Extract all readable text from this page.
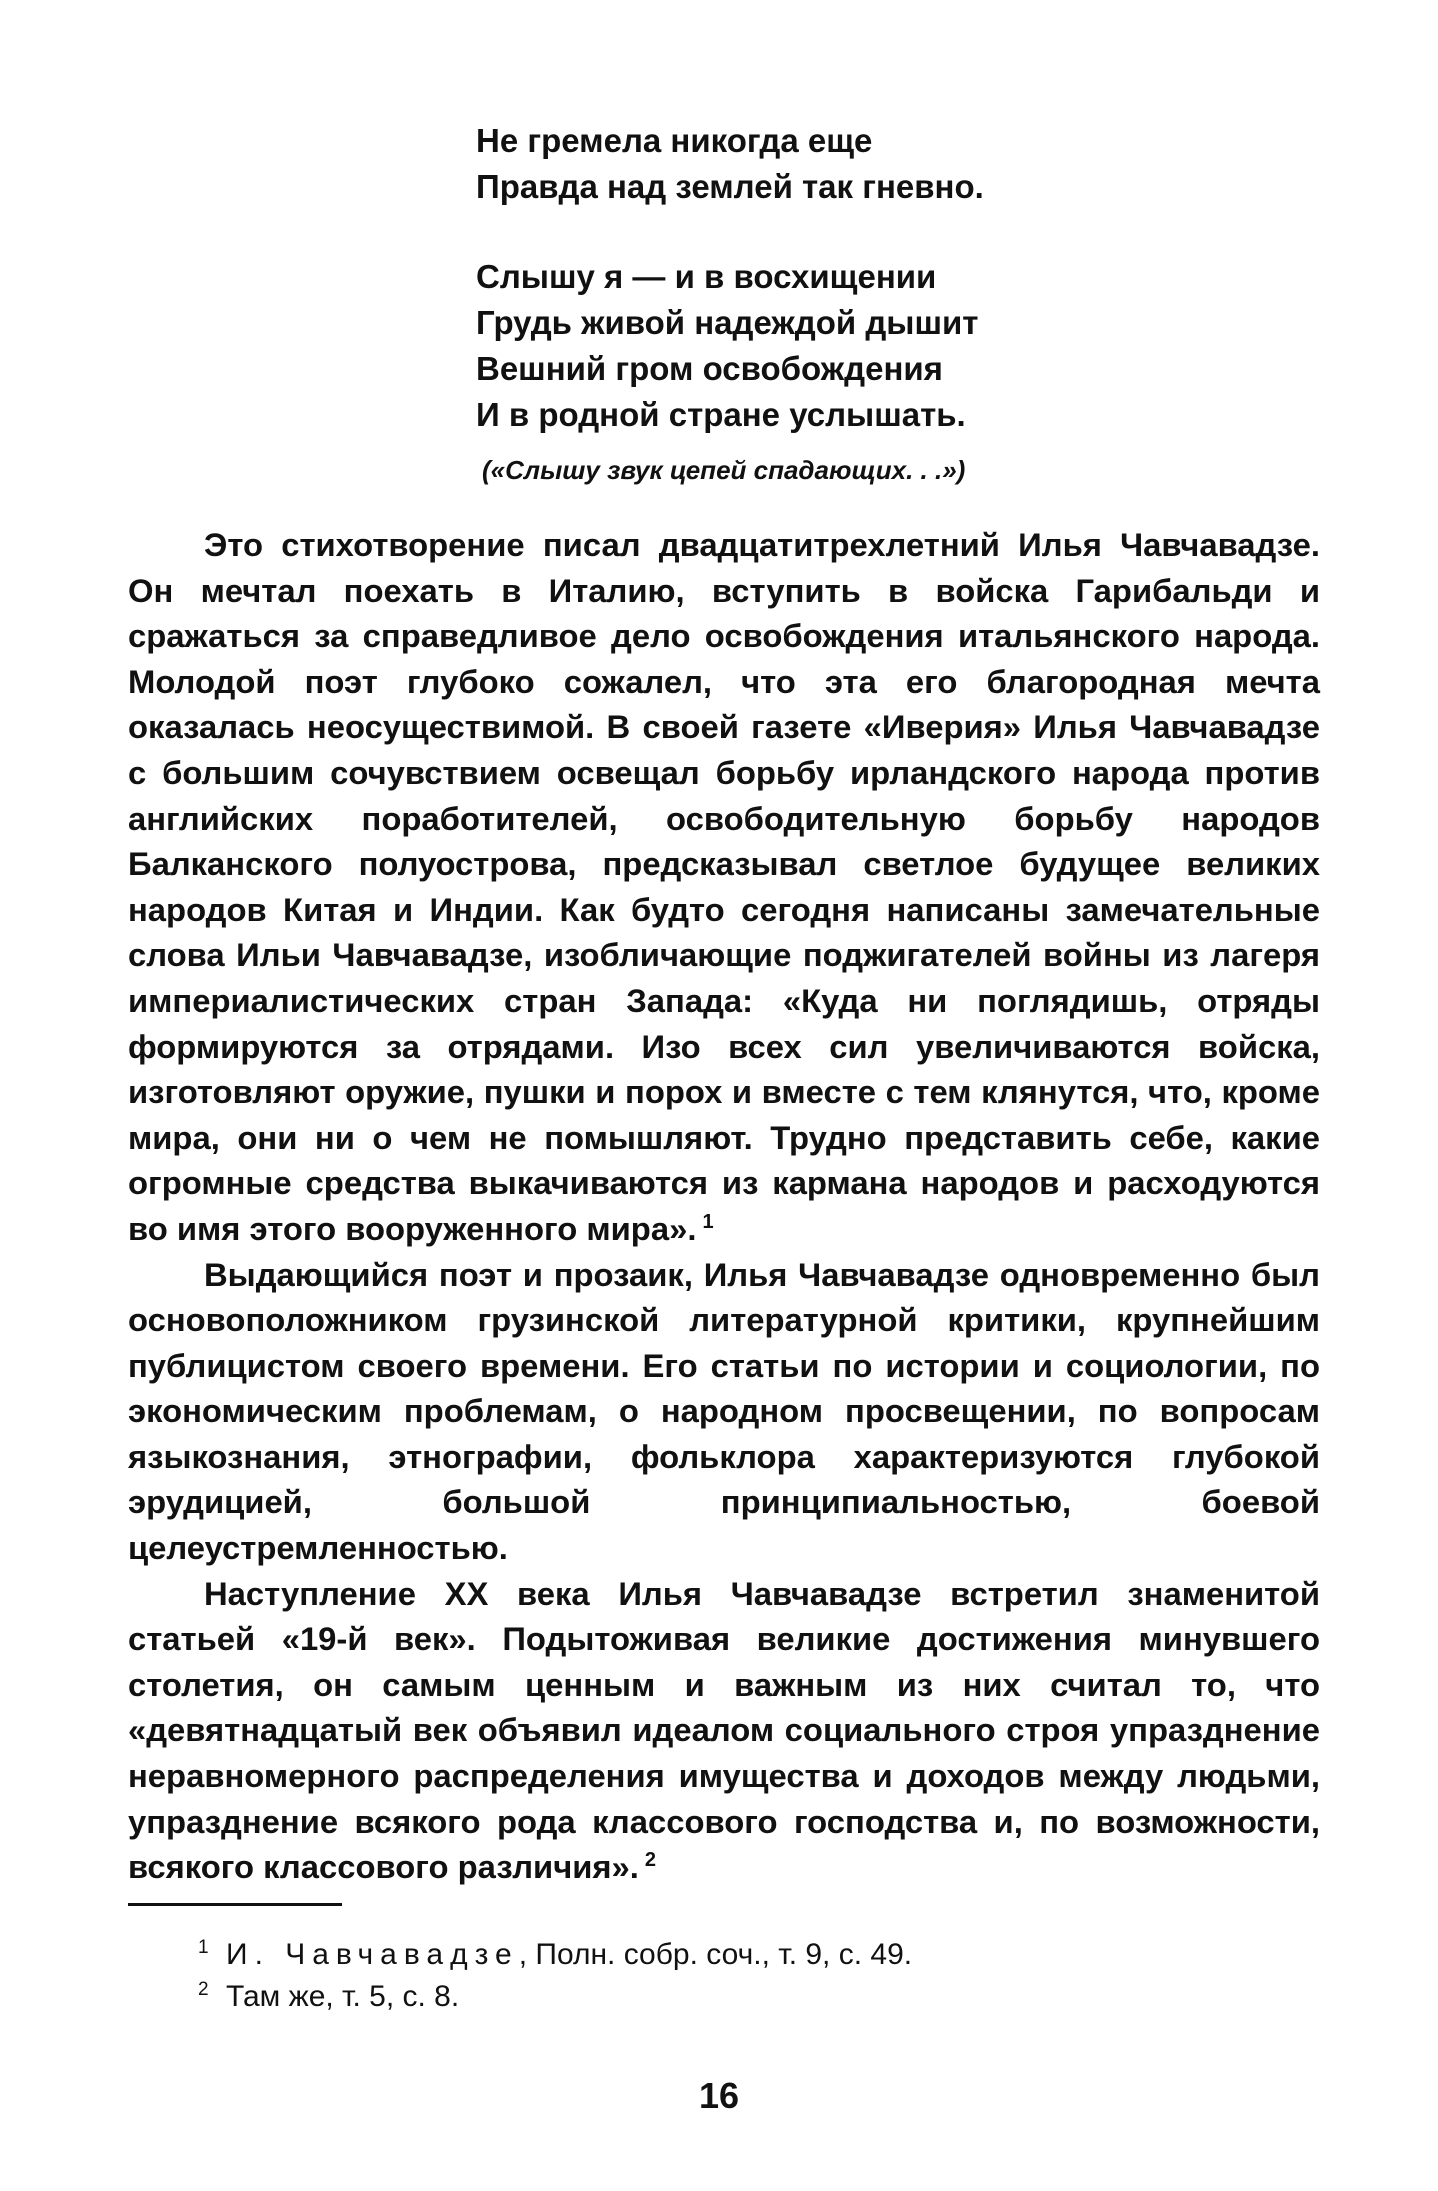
Не гремела никогда еще
Правда над землей так гневно.
Слышу я — и в восхищении
Грудь живой надеждой дышит
Вешний гром освобождения
И в родной стране услышать.
(«Слышу звук цепей спадающих. . .»)

Это стихотворение писал двадцатитрехлетний Илья Чавчавадзе. Он мечтал поехать в Италию, вступить в войска Гарибальди и сражаться за справедливое дело освобождения итальянского народа. Молодой поэт глубоко сожалел, что эта его благородная мечта оказалась неосуществимой. В своей газете «Иверия» Илья Чавчавадзе с большим сочувствием освещал борьбу ирландского народа против английских поработителей, освободительную борьбу народов Балканского полуострова, предсказывал светлое будущее великих народов Китая и Индии. Как будто сегодня написаны замечательные слова Ильи Чавчавадзе, изобличающие поджигателей войны из лагеря империалистических стран Запада: «Куда ни поглядишь, отряды формируются за отрядами. Изо всех сил увеличиваются войска, изготовляют оружие, пушки и порох и вместе с тем клянутся, что, кроме мира, они ни о чем не помышляют. Трудно представить себе, какие огромные средства выкачиваются из кармана народов и расходуются во имя этого вооруженного мира». $^1$

Выдающийся поэт и прозаик, Илья Чавчавадзе одновременно был основоположником грузинской литературной критики, крупнейшим публицистом своего времени. Его статьи по истории и социологии, по экономическим проблемам, о народном просвещении, по вопросам языкознания, этнографии, фольклора характеризуются глубокой эрудицией, большой принципиальностью, боевой целеустремленностью.

Наступление XX века Илья Чавчавадзе встретил знаменитой статьей «19-й век». Подытоживая великие достижения минувшего столетия, он самым ценным и важным из них считал то, что «девятнадцатый век объявил идеалом социального строя упразднение неравномерного распределения имущества и доходов между людьми, упразднение всякого рода классового господства и, по возможности, всякого классового различия». $^2$

1 И. Чавчавадзе, Полн. собр. соч., т. 9, с. 49.
2 Там же, т. 5, с. 8.
16
